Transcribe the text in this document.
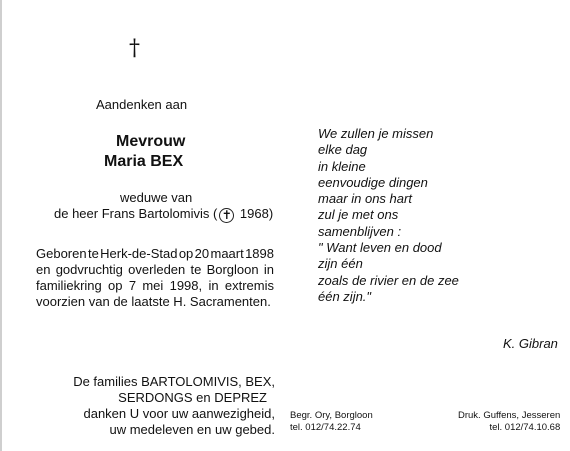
†
Aandenken aan
Mevrouw
Maria BEX
weduwe van
de heer Frans Bartolomivis ( ✝ 1968)
Geboren te Herk-de-Stad op 20 maart 1898
en godvruchtig overleden te Borgloon in
familiekring op 7 mei 1998, in extremis
voorzien van de laatste H. Sacramenten.
De families BARTOLOMIVIS, BEX,
SERDONGS en DEPREZ
danken U voor uw aanwezigheid,
uw medeleven en uw gebed.
We zullen je missen
elke dag
in kleine
eenvoudige dingen
maar in ons hart
zul je met ons
samenblijven :
" Want leven en dood
zijn één
zoals de rivier en de zee
één zijn."
K. Gibran
Begr. Ory, Borgloon
tel. 012/74.22.74
Druk. Guffens, Jesseren
tel. 012/74.10.68
